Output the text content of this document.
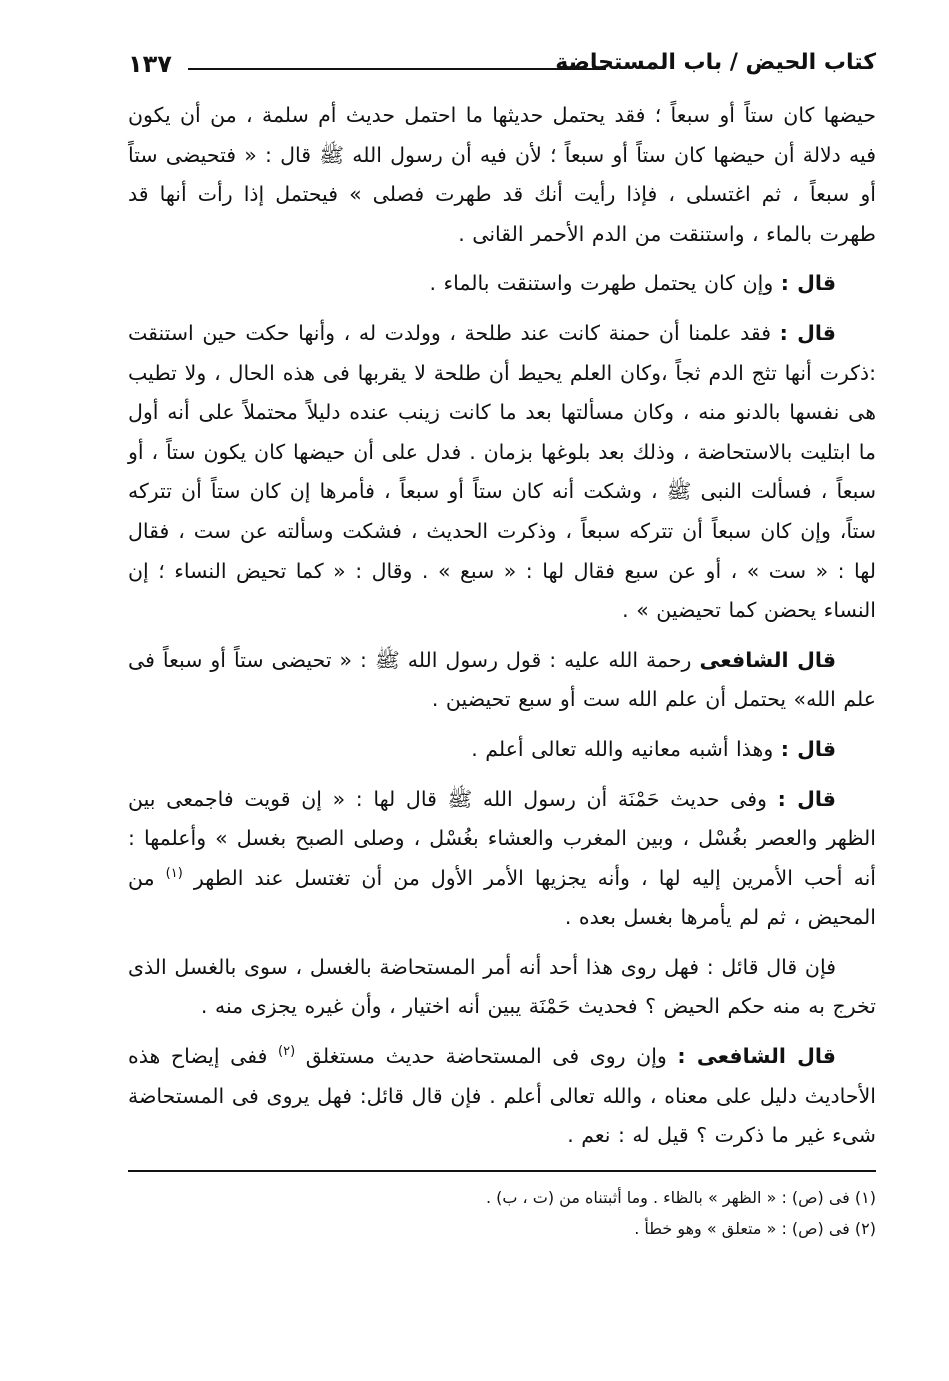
كتاب الحيض / باب المستحاضة
١٣٧

حيضها كان ستاً أو سبعاً ؛ فقد يحتمل حديثها ما احتمل حديث أم سلمة ، من أن يكون فيه دلالة أن حيضها كان ستاً أو سبعاً ؛ لأن فيه أن رسول الله ﷺ قال : « فتحيضى ستاً أو سبعاً ، ثم اغتسلى ، فإذا رأيت أنك قد طهرت فصلى » فيحتمل إذا رأت أنها قد طهرت بالماء ، واستنقت من الدم الأحمر القانى .

قال : وإن كان يحتمل طهرت واستنقت بالماء .

قال : فقد علمنا أن حمنة كانت عند طلحة ، وولدت له ، وأنها حكت حين استنقت :ذكرت أنها تثج الدم ثجاً ،وكان العلم يحيط أن طلحة لا يقربها فى هذه الحال ، ولا تطيب هى نفسها بالدنو منه ، وكان مسألتها بعد ما كانت زينب عنده دليلاً محتملاً على أنه أول ما ابتليت بالاستحاضة ، وذلك بعد بلوغها بزمان . فدل على أن حيضها كان يكون ستاً ، أو سبعاً ، فسألت النبى ﷺ ، وشكت أنه كان ستاً أو سبعاً ، فأمرها إن كان ستاً أن تتركه ستاً، وإن كان سبعاً أن تتركه سبعاً ، وذكرت الحديث ، فشكت وسألته عن ست ، فقال لها : « ست » ، أو عن سبع فقال لها : « سبع » . وقال : « كما تحيض النساء ؛ إن النساء يحضن كما تحيضين » .

قال الشافعى رحمة الله عليه : قول رسول الله ﷺ : « تحيضى ستاً أو سبعاً فى علم الله» يحتمل أن علم الله ست أو سبع تحيضين .

قال : وهذا أشبه معانيه والله تعالى أعلم .

قال : وفى حديث حَمْنَة أن رسول الله ﷺ قال لها : « إن قويت فاجمعى بين الظهر والعصر بغُسْل ، وبين المغرب والعشاء بغُسْل ، وصلى الصبح بغسل » وأعلمها : أنه أحب الأمرين إليه لها ، وأنه يجزيها الأمر الأول من أن تغتسل عند الطهر $^{(١)}$ من المحيض ، ثم لم يأمرها بغسل بعده .

فإن قال قائل : فهل روى هذا أحد أنه أمر المستحاضة بالغسل ، سوى بالغسل الذى تخرج به منه حكم الحيض ؟ فحديث حَمْنَة يبين أنه اختيار ، وأن غيره يجزى منه .

قال الشافعى : وإن روى فى المستحاضة حديث مستغلق $^{(٢)}$ ففى إيضاح هذه الأحاديث دليل على معناه ، والله تعالى أعلم . فإن قال قائل: فهل يروى فى المستحاضة شىء غير ما ذكرت ؟ قيل له : نعم .

(١) فى (ص) : « الظهر » بالظاء . وما أثبتناه من (ت ، ب) .

(٢) فى (ص) : « متعلق » وهو خطأ .
